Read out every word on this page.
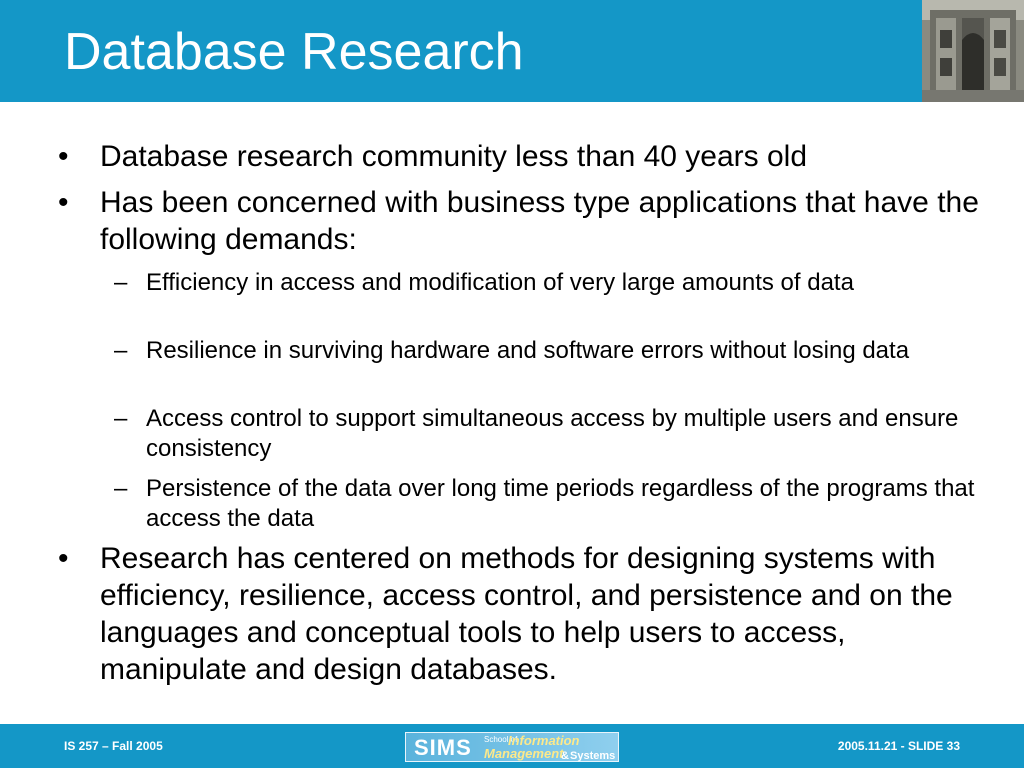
Database Research
• Database research community less than 40 years old
• Has been concerned with business type applications that have the following demands:
– Efficiency in access and modification of very large amounts of data
– Resilience in surviving hardware and software errors without losing data
– Access control to support simultaneous access by multiple users and ensure consistency
– Persistence of the data over long time periods regardless of the programs that access the data
• Research has centered on methods for designing systems with efficiency, resilience, access control, and persistence and on the languages and conceptual tools to help users to access, manipulate and design databases.
IS 257 – Fall 2005	SIMS School of
Information
Management
& Systems
2005.11.21 - SLIDE 33
